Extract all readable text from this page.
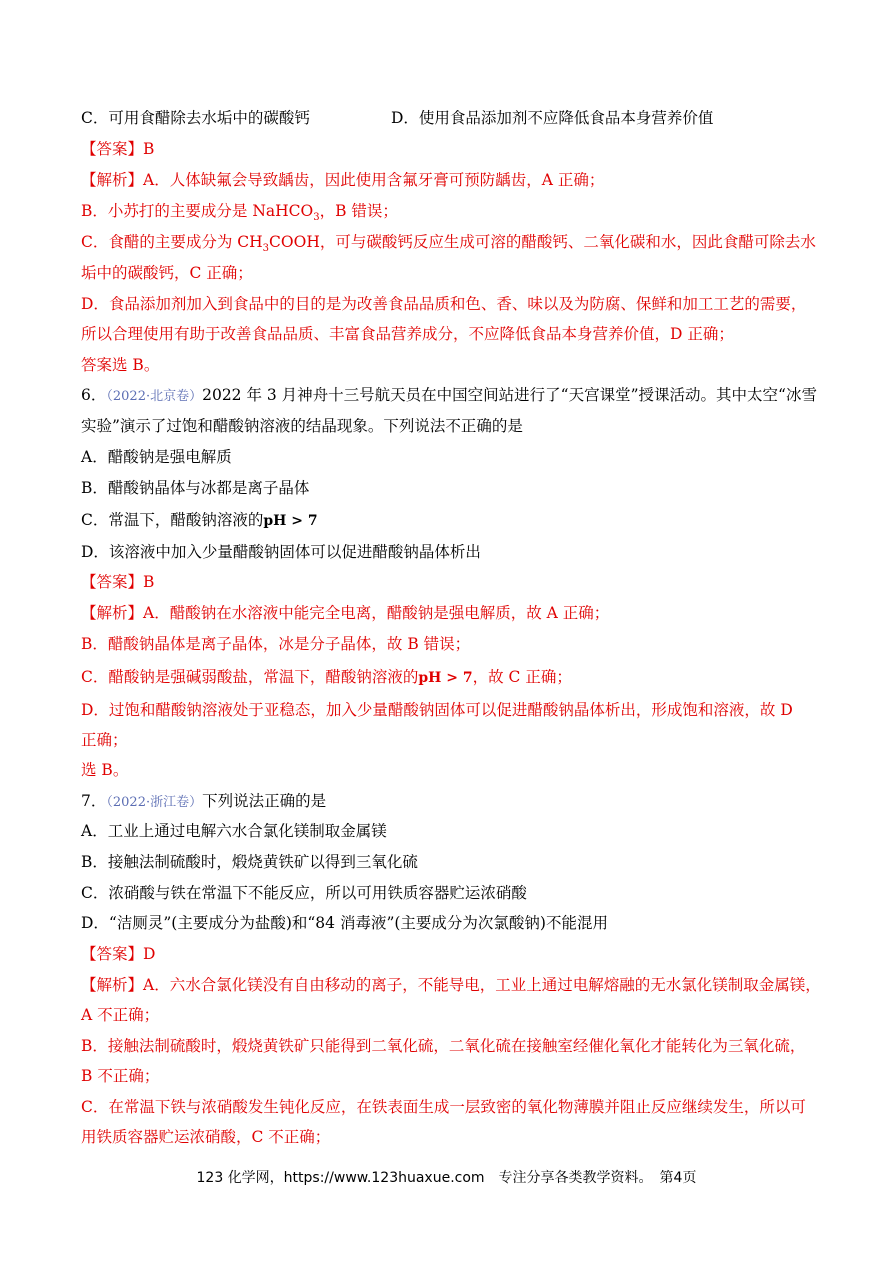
C．可用食醋除去水垢中的碳酸钙	D．使用食品添加剂不应降低食品本身营养价值
【答案】B
【解析】A．人体缺氟会导致龋齿，因此使用含氟牙膏可预防龋齿，A 正确；
B．小苏打的主要成分是 NaHCO$_3$，B 错误；
C．食醋的主要成分为 $CH_3COOH$，可与碳酸钙反应生成可溶的醋酸钙、二氧化碳和水，因此食醋可除去水
垢中的碳酸钙，C 正确；
D．食品添加剂加入到食品中的目的是为改善食品品质和色、香、味以及为防腐、保鲜和加工工艺的需要，
所以合理使用有助于改善食品品质、丰富食品营养成分，不应降低食品本身营养价值，D 正确；
答案选 B。
6．（2022·北京卷）2022 年 3 月神舟十三号航天员在中国空间站进行了“天宫课堂”授课活动。其中太空“冰雪
实验”演示了过饱和醋酸钠溶液的结晶现象。下列说法不正确的是
A．醋酸钠是强电解质
B．醋酸钠晶体与冰都是离子晶体
C．常温下，醋酸钠溶液的pH > 7
D．该溶液中加入少量醋酸钠固体可以促进醋酸钠晶体析出
【答案】B
【解析】A．醋酸钠在水溶液中能完全电离，醋酸钠是强电解质，故 A 正确；
B．醋酸钠晶体是离子晶体，冰是分子晶体，故 B 错误；
C．醋酸钠是强碱弱酸盐，常温下，醋酸钠溶液的pH > 7，故 C 正确；
D．过饱和醋酸钠溶液处于亚稳态，加入少量醋酸钠固体可以促进醋酸钠晶体析出，形成饱和溶液，故 D
正确；
选 B。
7．（2022·浙江卷）下列说法正确的是
A．工业上通过电解六水合氯化镁制取金属镁
B．接触法制硫酸时，煅烧黄铁矿以得到三氧化硫
C．浓硝酸与铁在常温下不能反应，所以可用铁质容器贮运浓硝酸
D．“洁厕灵”(主要成分为盐酸)和“84 消毒液”(主要成分为次氯酸钠)不能混用
【答案】D
【解析】A．六水合氯化镁没有自由移动的离子，不能导电，工业上通过电解熔融的无水氯化镁制取金属镁，
A 不正确；
B．接触法制硫酸时，煅烧黄铁矿只能得到二氧化硫，二氧化硫在接触室经催化氧化才能转化为三氧化硫，
B 不正确；
C．在常温下铁与浓硝酸发生钝化反应，在铁表面生成一层致密的氧化物薄膜并阻止反应继续发生，所以可
用铁质容器贮运浓硝酸，C 不正确；
123 化学网，https://www.123huaxue.com　专注分享各类教学资料。　第4页
